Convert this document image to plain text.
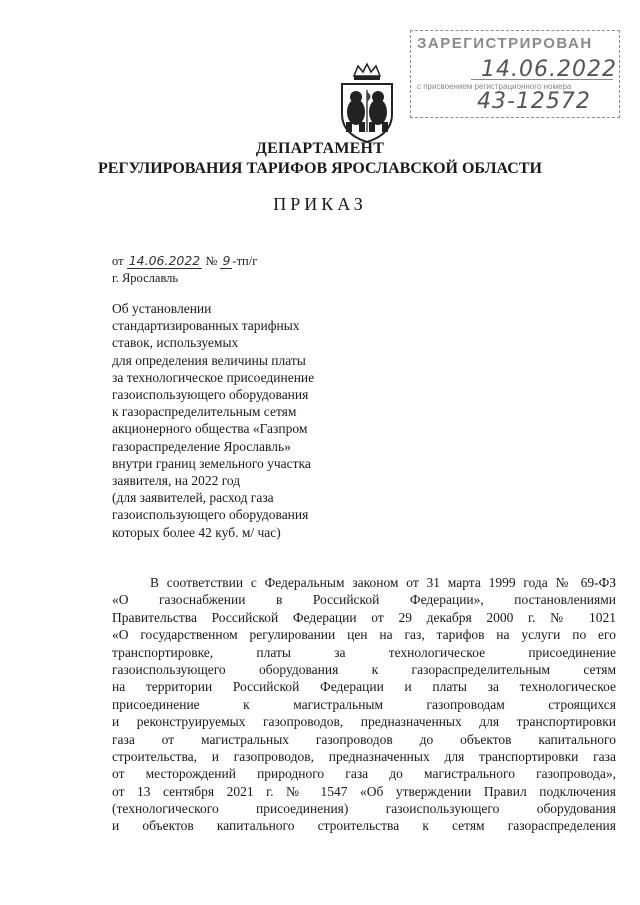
ЗАРЕГИСТРИРОВАН
14.06.2022
с присвоением регистрационного номера
43-12572
ДЕПАРТАМЕНТ
РЕГУЛИРОВАНИЯ ТАРИФОВ ЯРОСЛАВСКОЙ ОБЛАСТИ
ПРИКАЗ
от 14.06.2022 № 9 -тп/г
г. Ярославль
Об установлении
стандартизированных тарифных
ставок, используемых
для определения величины платы
за технологическое присоединение
газоиспользующего оборудования
к газораспределительным сетям
акционерного общества «Газпром
газораспределение Ярославль»
внутри границ земельного участка
заявителя, на 2022 год
(для заявителей, расход газа
газоиспользующего оборудования
которых более 42 куб. м/ час)
В соответствии с Федеральным законом от 31 марта 1999 года № 69-ФЗ
«О газоснабжении в Российской Федерации», постановлениями
Правительства Российской Федерации от 29 декабря 2000 г. № 1021
«О государственном регулировании цен на газ, тарифов на услуги по его
транспортировке, платы за технологическое присоединение
газоиспользующего оборудования к газораспределительным сетям
на территории Российской Федерации и платы за технологическое
присоединение к магистральным газопроводам строящихся
и реконструируемых газопроводов, предназначенных для транспортировки
газа от магистральных газопроводов до объектов капитального
строительства, и газопроводов, предназначенных для транспортировки газа
от месторождений природного газа до магистрального газопровода»,
от 13 сентября 2021 г. № 1547 «Об утверждении Правил подключения
(технологического присоединения) газоиспользующего оборудования
и объектов капитального строительства к сетям газораспределения
